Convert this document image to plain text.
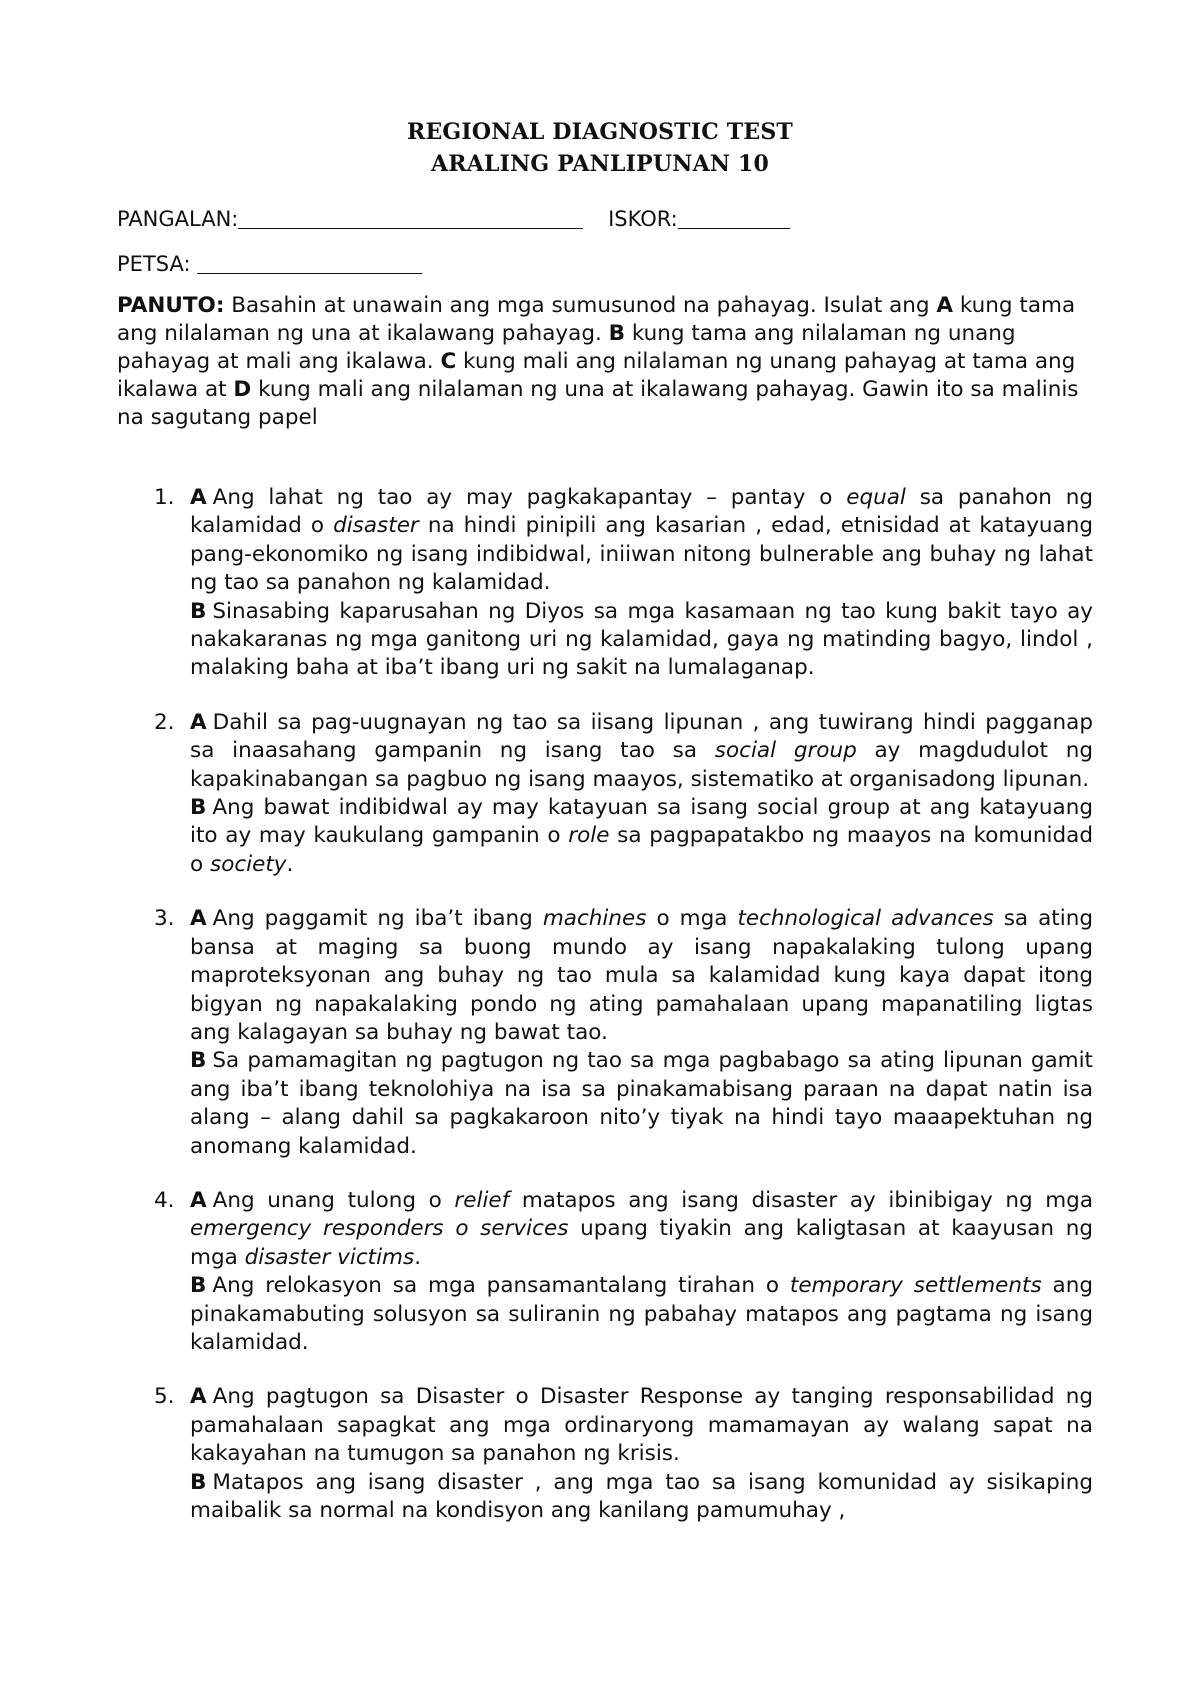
REGIONAL DIAGNOSTIC TEST
ARALING PANLIPUNAN 10
PANGALAN:	ISKOR:
PETSA:
PANUTO: Basahin at unawain ang mga sumusunod na pahayag. Isulat ang A kung tama ang nilalaman ng una at ikalawang pahayag. B kung tama ang nilalaman ng unang pahayag at mali ang ikalawa. C kung mali ang nilalaman ng unang pahayag at tama ang ikalawa at D kung mali ang nilalaman ng una at ikalawang pahayag. Gawin ito sa malinis na sagutang papel
1. A Ang lahat ng tao ay may pagkakapantay – pantay o equal sa panahon ng kalamidad o disaster na hindi pinipili ang kasarian , edad, etnisidad at katayuang pang-ekonomiko ng isang indibidwal, iniiwan nitong bulnerable ang buhay ng lahat ng tao sa panahon ng kalamidad.
B Sinasabing kaparusahan ng Diyos sa mga kasamaan ng tao kung bakit tayo ay nakakaranas ng mga ganitong uri ng kalamidad, gaya ng matinding bagyo, lindol , malaking baha at iba’t ibang uri ng sakit na lumalaganap.
2. A Dahil sa pag-uugnayan ng tao sa iisang lipunan , ang tuwirang hindi pagganap sa inaasahang gampanin ng isang tao sa social group ay magdudulot ng kapakinabangan sa pagbuo ng isang maayos, sistematiko at organisadong lipunan.
B Ang bawat indibidwal ay may katayuan sa isang social group at ang katayuang ito ay may kaukulang gampanin o role sa pagpapatakbo ng maayos na komunidad o society.
3. A Ang paggamit ng iba’t ibang machines o mga technological advances sa ating bansa at maging sa buong mundo ay isang napakalaking tulong upang maproteksyonan ang buhay ng tao mula sa kalamidad kung kaya dapat itong bigyan ng napakalaking pondo ng ating pamahalaan upang mapanatiling ligtas ang kalagayan sa buhay ng bawat tao.
B Sa pamamagitan ng pagtugon ng tao sa mga pagbabago sa ating lipunan gamit ang iba’t ibang teknolohiya na isa sa pinakamabisang paraan na dapat natin isa alang – alang dahil sa pagkakaroon nito’y tiyak na hindi tayo maaapektuhan ng anomang kalamidad.
4. A Ang unang tulong o relief matapos ang isang disaster ay ibinibigay ng mga emergency responders o services upang tiyakin ang kaligtasan at kaayusan ng mga disaster victims.
B Ang relokasyon sa mga pansamantalang tirahan o temporary settlements ang pinakamabuting solusyon sa suliranin ng pabahay matapos ang pagtama ng isang kalamidad.
5. A Ang pagtugon sa Disaster o Disaster Response ay tanging responsabilidad ng pamahalaan sapagkat ang mga ordinaryong mamamayan ay walang sapat na kakayahan na tumugon sa panahon ng krisis.
B Matapos ang isang disaster , ang mga tao sa isang komunidad ay sisikaping maibalik sa normal na kondisyon ang kanilang pamumuhay ,
